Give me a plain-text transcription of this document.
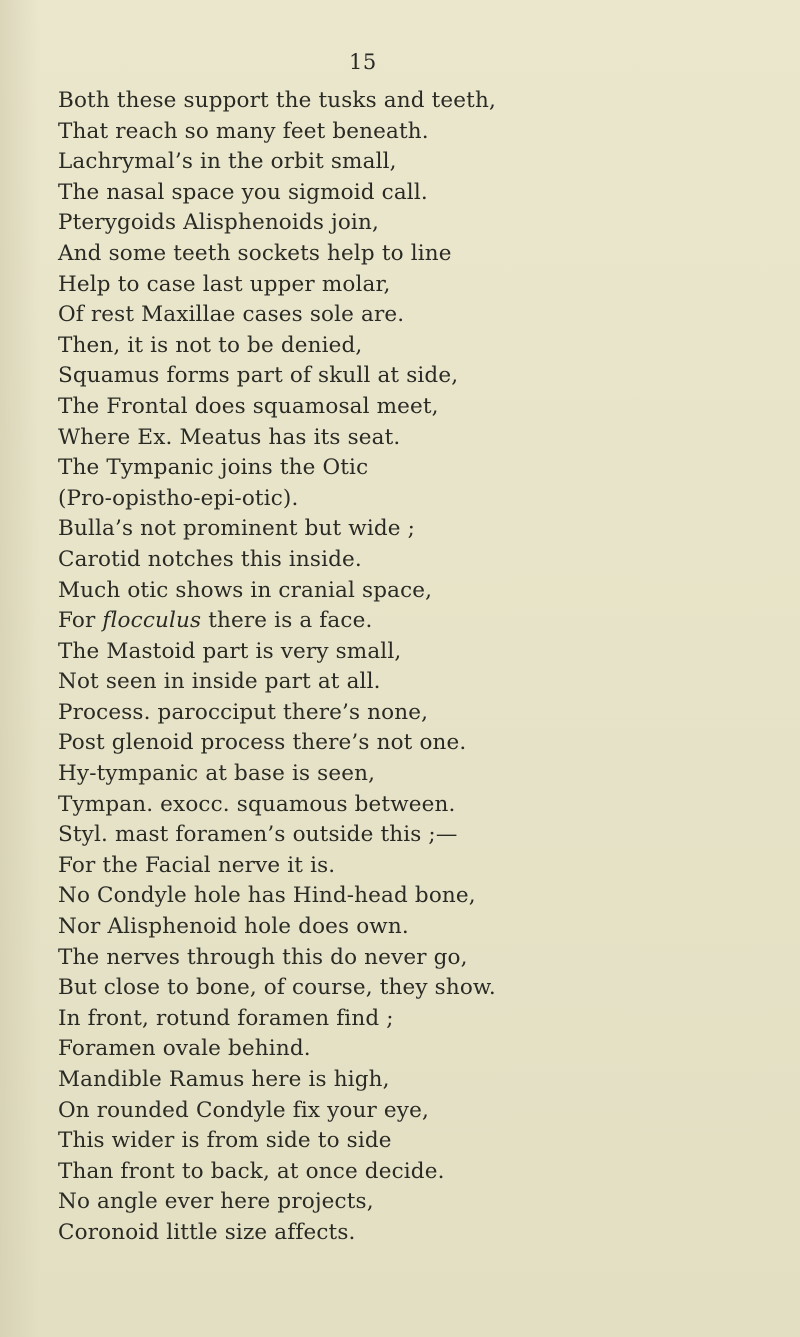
15
Both these support the tusks and teeth,
That reach so many feet beneath.
Lachrymal’s in the orbit small,
The nasal space you sigmoid call.
Pterygoids Alisphenoids join,
And some teeth sockets help to line
Help to case last upper molar,
Of rest Maxillae cases sole are.
Then, it is not to be denied,
Squamus forms part of skull at side,
The Frontal does squamosal meet,
Where Ex. Meatus has its seat.
The Tympanic joins the Otic
(Pro-opistho-epi-otic).
Bulla’s not prominent but wide ;
Carotid notches this inside.
Much otic shows in cranial space,
For flocculus there is a face.
The Mastoid part is very small,
Not seen in inside part at all.
Process. parocciput there’s none,
Post glenoid process there’s not one.
Hy-tympanic at base is seen,
Tympan. exocc. squamous between.
Styl. mast foramen’s outside this ;—
For the Facial nerve it is.
No Condyle hole has Hind-head bone,
Nor Alisphenoid hole does own.
The nerves through this do never go,
But close to bone, of course, they show.
In front, rotund foramen find ;
Foramen ovale behind.
Mandible Ramus here is high,
On rounded Condyle fix your eye,
This wider is from side to side
Than front to back, at once decide.
No angle ever here projects,
Coronoid little size affects.
